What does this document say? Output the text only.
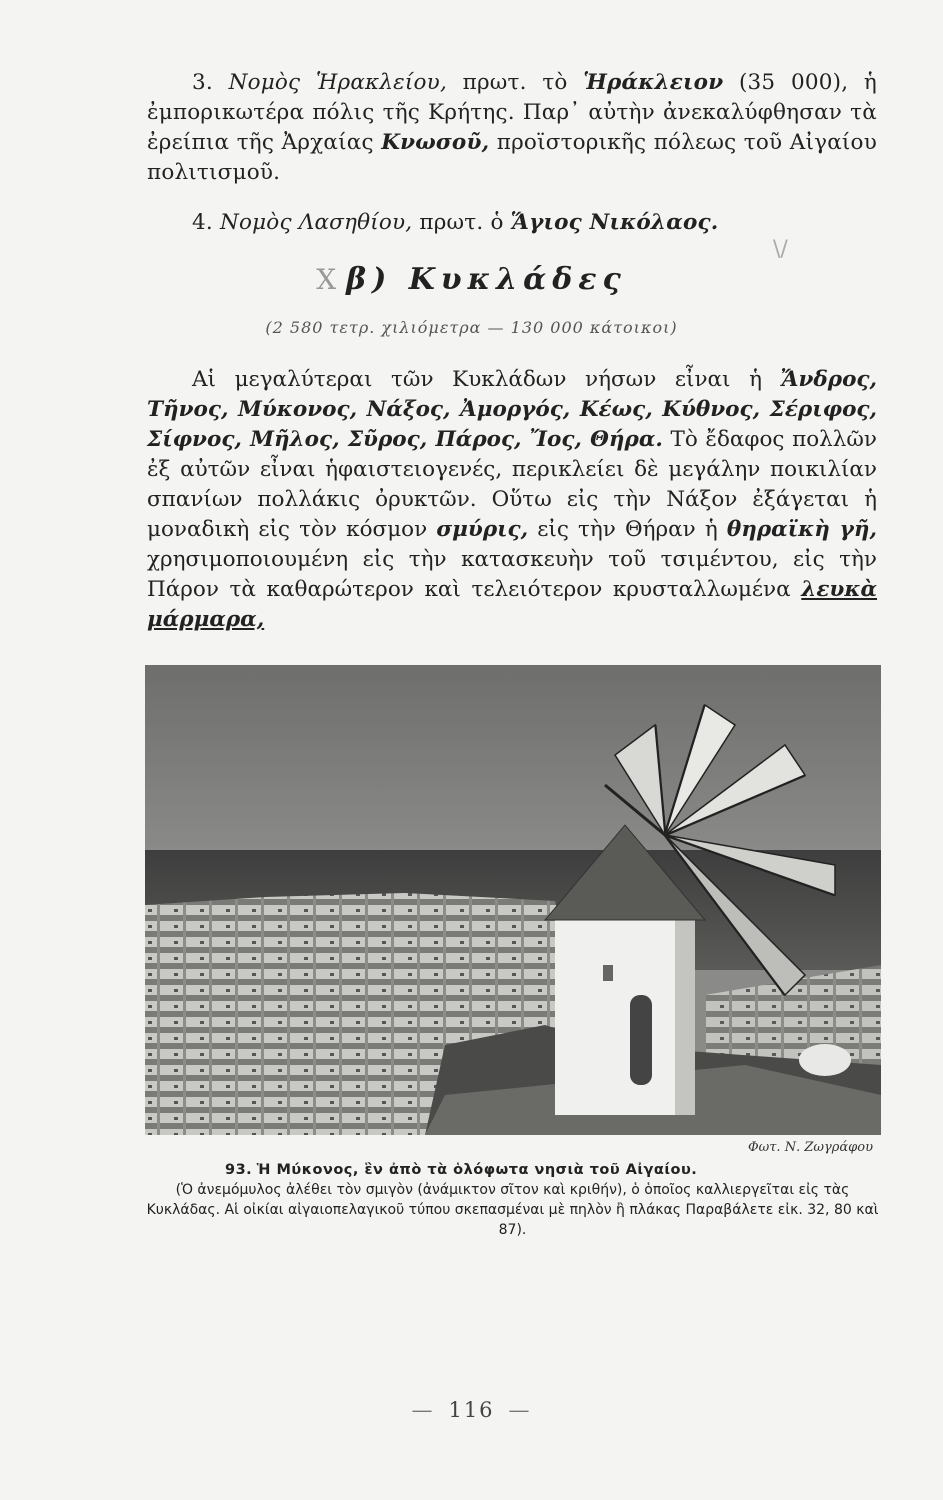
3. Νομὸς Ἡρακλείου, πρωτ. τὸ Ἡράκλειον (35 000), ἡ ἐμπορικωτέρα πόλις τῆς Κρήτης. Παρ᾽ αὐτὴν ἀνεκαλύφθησαν τὰ ἐρείπια τῆς Ἀρχαίας Κνωσοῦ, προϊστορικῆς πόλεως τοῦ Αἰγαίου πολιτισμοῦ.
4. Νομὸς Λασηθίου, πρωτ. ὁ Ἅγιος Νικόλαος.
\/
X β) Κυκλάδες
(2 580 τετρ. χιλιόμετρα — 130 000 κάτοικοι)
Αἱ μεγαλύτεραι τῶν Κυκλάδων νήσων εἶναι ἡ Ἄνδρος, Τῆνος, Μύκονος, Νάξος, Ἀμοργός, Κέως, Κύθνος, Σέριφος, Σίφνος, Μῆλος, Σῦρος, Πάρος, Ἴος, Θήρα. Τὸ ἔδαφος πολλῶν ἐξ αὐτῶν εἶναι ἡφαιστειογενές, περικλείει δὲ μεγάλην ποικιλίαν σπανίων πολλάκις ὀρυκτῶν. Οὕτω εἰς τὴν Νάξον ἐξάγεται ἡ μοναδικὴ εἰς τὸν κόσμον σμύρις, εἰς τὴν Θήραν ἡ θηραϊκὴ γῆ, χρησιμοποιουμένη εἰς τὴν κατασκευὴν τοῦ τσιμέντου, εἰς τὴν Πάρον τὰ καθαρώτερον καὶ τελειότερον κρυσταλλωμένα λευκὰ μάρμαρα,
Φωτ. Ν. Ζωγράφου
93. Ἡ Μύκονος, ἓν ἀπὸ τὰ ὁλόφωτα νησιὰ τοῦ Αἰγαίου.
(Ὁ ἀνεμόμυλος ἀλέθει τὸν σμιγὸν (ἀνάμικτον σῖτον καὶ κριθήν), ὁ ὁποῖος καλλιεργεῖται εἰς τὰς Κυκλάδας. Αἱ οἰκίαι αἰγαιοπελαγικοῦ τύπου σκεπασμέναι μὲ πηλὸν ἢ πλάκας Παραβάλετε εἰκ. 32, 80 καὶ 87).
— 116 —
